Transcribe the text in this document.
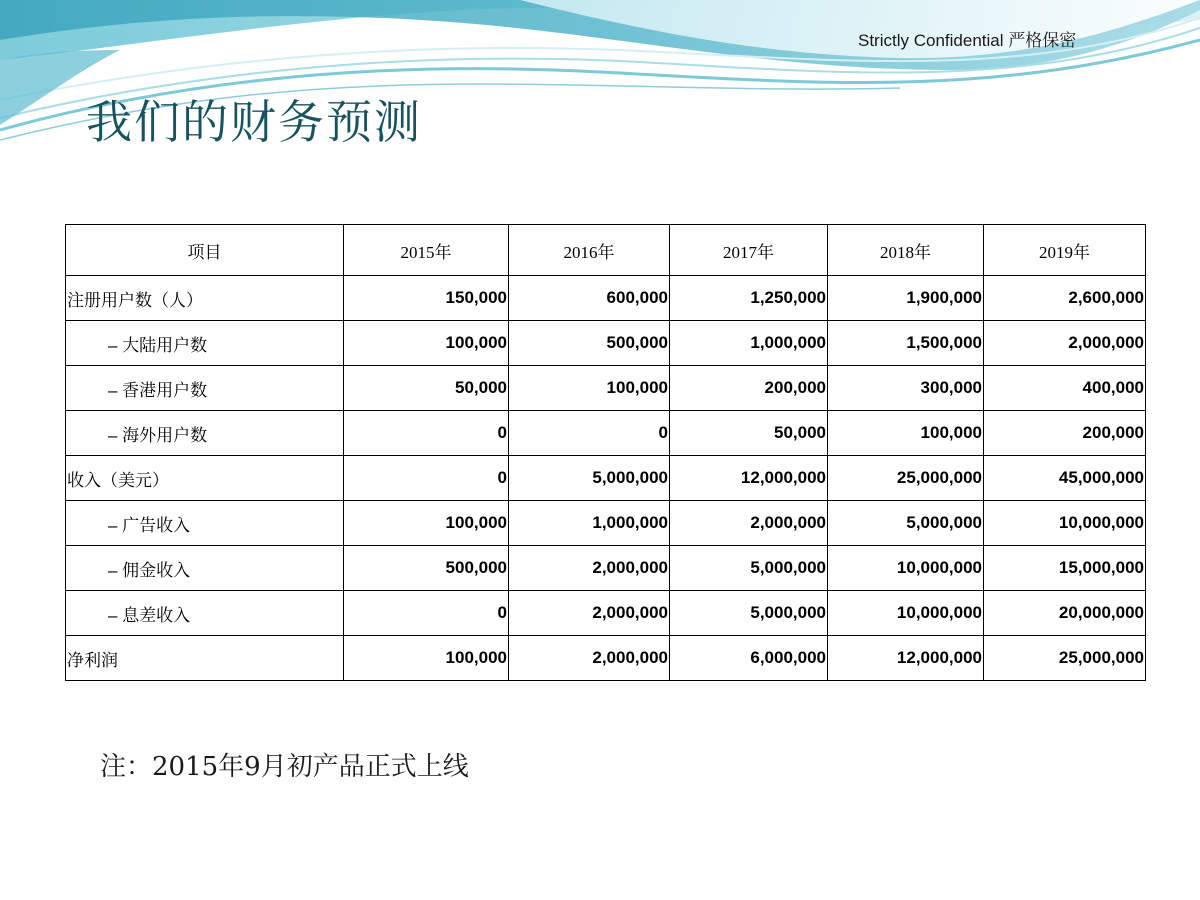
Strictly Confidential 严格保密
我们的财务预测
项目	2015年	2016年	2017年	2018年	2019年
注册用户数（人）	150,000	600,000	1,250,000	1,900,000	2,600,000
– 大陆用户数	100,000	500,000	1,000,000	1,500,000	2,000,000
– 香港用户数	50,000	100,000	200,000	300,000	400,000
– 海外用户数	0	0	50,000	100,000	200,000
收入（美元）	0	5,000,000	12,000,000	25,000,000	45,000,000
– 广告收入	100,000	1,000,000	2,000,000	5,000,000	10,000,000
– 佣金收入	500,000	2,000,000	5,000,000	10,000,000	15,000,000
– 息差收入	0	2,000,000	5,000,000	10,000,000	20,000,000
净利润	100,000	2,000,000	6,000,000	12,000,000	25,000,000
注：2015年9月初产品正式上线
